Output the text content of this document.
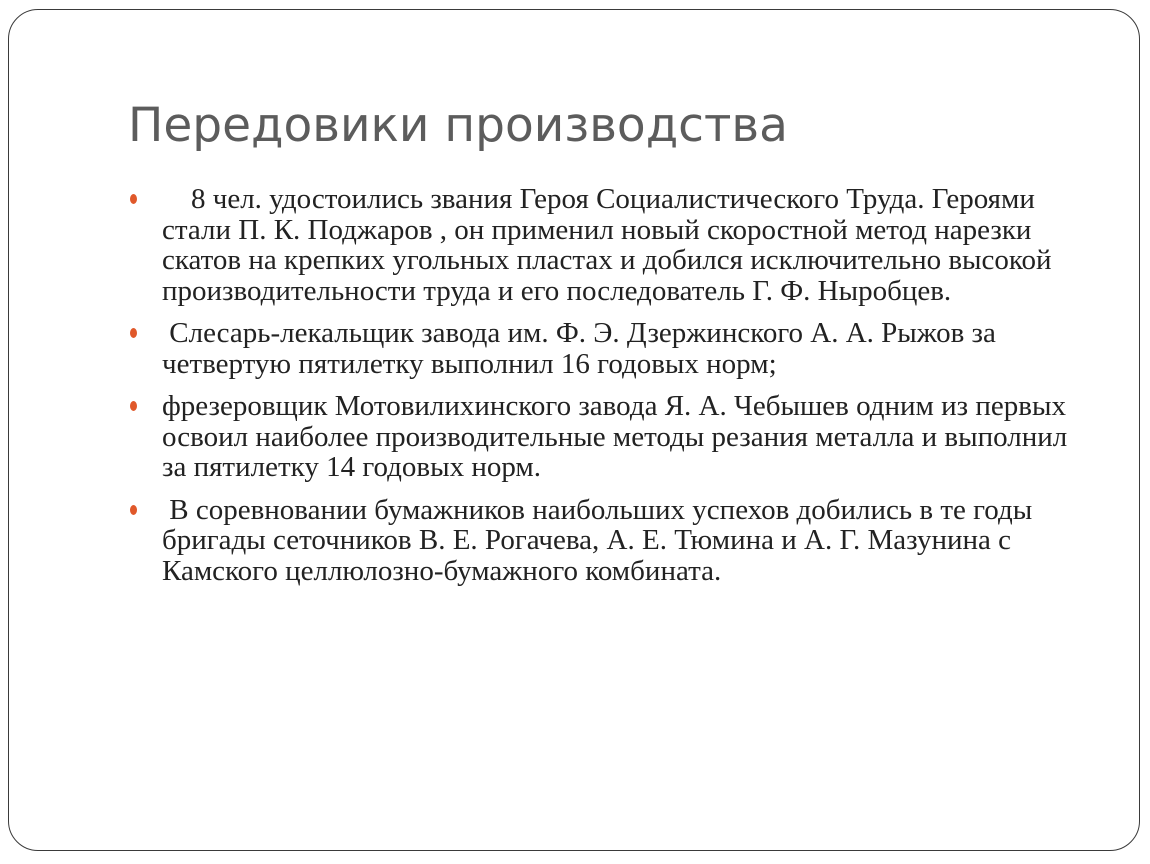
Передовики производства
8 чел. удостоились звания Героя Социалистического Труда. Героями стали П. К. Поджаров , он применил новый скоростной метод нарезки скатов на крепких угольных пластах и добился исключительно высокой производительности труда и его последователь Г. Ф. Ныробцев.
Слесарь-лекальщик завода им. Ф. Э. Дзержинского А. А. Рыжов за четвертую пятилетку выполнил 16 годовых норм;
фрезеровщик Мотовилихинского завода Я. А. Чебышев одним из первых освоил наиболее производительные методы резания металла и выполнил за пятилетку 14 годовых норм.
В соревновании бумажников наибольших успехов добились в те годы бригады сеточников В. Е. Рогачева, А. Е. Тюмина и А. Г. Мазунина с Камского целлюлозно-бумажного комбината.
